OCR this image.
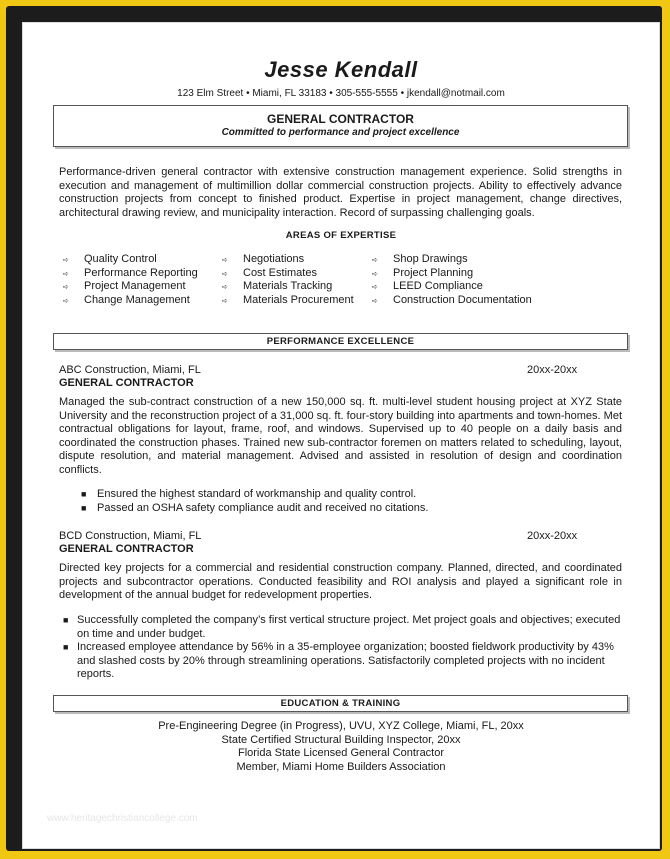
Jesse Kendall
123 Elm Street • Miami, FL 33183 • 305-555-5555 • jkendall@notmail.com
GENERAL CONTRACTOR
Committed to performance and project excellence
Performance-driven general contractor with extensive construction management experience. Solid strengths in execution and management of multimillion dollar commercial construction projects. Ability to effectively advance construction projects from concept to finished product. Expertise in project management, change directives, architectural drawing review, and municipality interaction. Record of surpassing challenging goals.
AREAS OF EXPERTISE
➪ Quality Control
➪ Performance Reporting
➪ Project Management
➪ Change Management
➪ Negotiations
➪ Cost Estimates
➪ Materials Tracking
➪ Materials Procurement
➪ Shop Drawings
➪ Project Planning
➪ LEED Compliance
➪ Construction Documentation
PERFORMANCE EXCELLENCE
ABC Construction, Miami, FL	20xx-20xx
GENERAL CONTRACTOR
Managed the sub-contract construction of a new 150,000 sq. ft. multi-level student housing project at XYZ State University and the reconstruction project of a 31,000 sq. ft. four-story building into apartments and town-homes. Met contractual obligations for layout, frame, roof, and windows. Supervised up to 40 people on a daily basis and coordinated the construction phases. Trained new sub-contractor foremen on matters related to scheduling, layout, dispute resolution, and material management. Advised and assisted in resolution of design and coordination conflicts.
■ Ensured the highest standard of workmanship and quality control.
■ Passed an OSHA safety compliance audit and received no citations.
BCD Construction, Miami, FL	20xx-20xx
GENERAL CONTRACTOR
Directed key projects for a commercial and residential construction company. Planned, directed, and coordinated projects and subcontractor operations. Conducted feasibility and ROI analysis and played a significant role in development of the annual budget for redevelopment properties.
■ Successfully completed the company’s first vertical structure project. Met project goals and objectives; executed on time and under budget.
■ Increased employee attendance by 56% in a 35-employee organization; boosted fieldwork productivity by 43% and slashed costs by 20% through streamlining operations. Satisfactorily completed projects with no incident reports.
EDUCATION & TRAINING
Pre-Engineering Degree (in Progress), UVU, XYZ College, Miami, FL, 20xx
State Certified Structural Building Inspector, 20xx
Florida State Licensed General Contractor
Member, Miami Home Builders Association
www.heritagechristiancollege.com
